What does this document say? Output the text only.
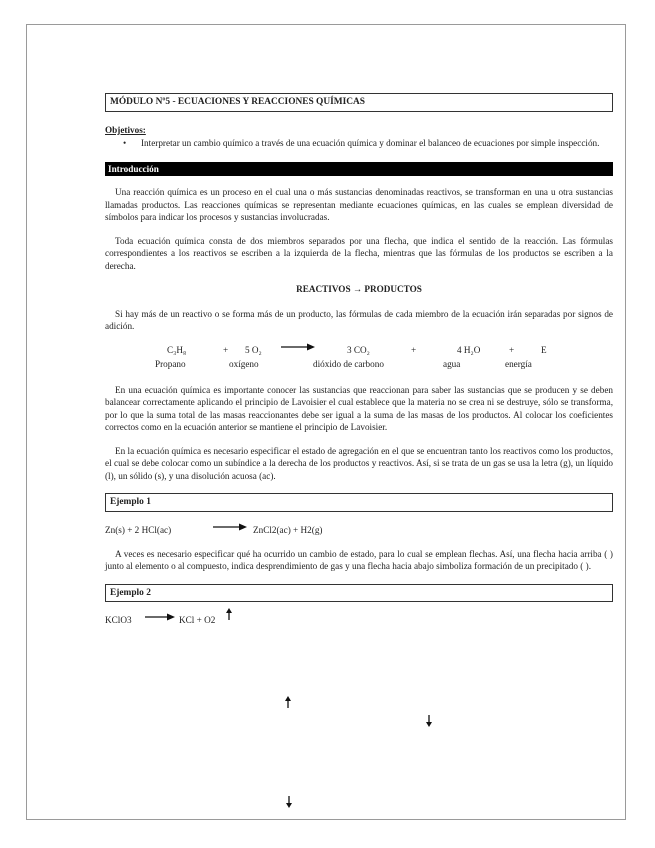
MÓDULO Nº5 - ECUACIONES Y REACCIONES QUÍMICAS
Objetivos:
•	Interpretar un cambio químico a través de una ecuación química y dominar el balanceo de ecuaciones por simple inspección.
Introducción

Una reacción química es un proceso en el cual una o más sustancias denominadas reactivos, se transforman en una u otra sustancias llamadas productos. Las reacciones químicas se representan mediante ecuaciones químicas, en las cuales se emplean diversidad de símbolos para indicar los procesos y sustancias involucradas.

Toda ecuación química consta de dos miembros separados por una flecha, que indica el sentido de la reacción. Las fórmulas correspondientes a los reactivos se escriben a la izquierda de la flecha, mientras que las fórmulas de los productos se escriben a la derecha.

REACTIVOS → PRODUCTOS

Si hay más de un reactivo o se forma más de un producto, las fórmulas de cada miembro de la ecuación irán separadas por signos de adición.

C₃H₈	+ 5 O₂	3 CO₂	+	4 H₂O	+	E
Propano	oxígeno	dióxido de carbono	agua	energía

En una ecuación química es importante conocer las sustancias que reaccionan para saber las sustancias que se producen y se deben balancear correctamente aplicando el principio de Lavoisier el cual establece que la materia no se crea ni se destruye, sólo se transforma, por lo que la suma total de las masas reaccionantes debe ser igual a la suma de las masas de los productos. Al colocar los coeficientes correctos como en la ecuación anterior se mantiene el principio de Lavoisier.

En la ecuación química es necesario especificar el estado de agregación en el que se encuentran tanto los reactivos como los productos, el cual se debe colocar como un subíndice a la derecha de los productos y reactivos. Así, si se trata de un gas se usa la letra (g), un líquido (l), un sólido (s), y una disolución acuosa (ac).

Ejemplo 1
Zn(s) + 2 HCl(ac)	→ ZnCl2(ac) + H2(g)

A veces es necesario especificar qué ha ocurrido un cambio de estado, para lo cual se emplean flechas. Así, una flecha hacia arriba ( ) junto al elemento o al compuesto, indica desprendimiento de gas y una flecha hacia abajo simboliza formación de un precipitado ( ).

Ejemplo 2
KClO3 → KCl + O2
